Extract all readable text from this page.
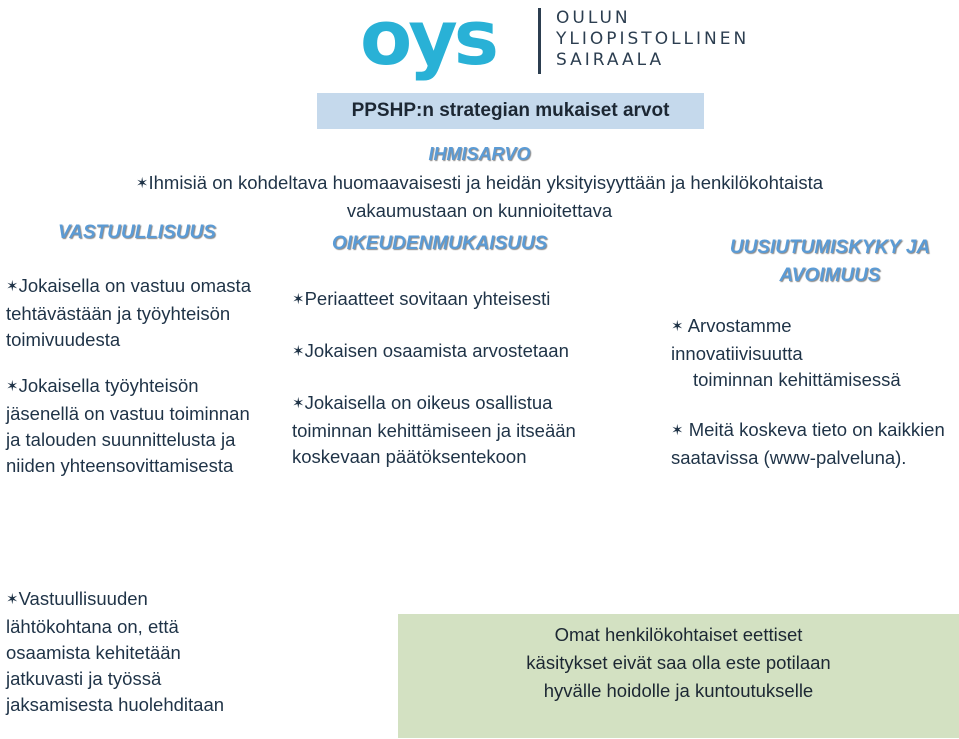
oys	OULUN
YLIOPISTOLLINEN
SAIRAALA
PPSHP:n strategian mukaiset arvot
IHMISARVO
✶Ihmisiä on kohdeltava huomaavaisesti ja heidän yksityisyyttään ja henkilökohtaista
vakaumustaan on kunnioitettava
VASTUULLISUUS

✶Jokaisella on vastuu omasta tehtävästään ja työyhteisön toimivuudesta

✶Jokaisella työyhteisön jäsenellä on vastuu toiminnan ja talouden suunnittelusta ja niiden yhteensovittamisesta

✶Vastuullisuuden lähtökohtana on, että osaamista kehitetään jatkuvasti ja työssä jaksamisesta huolehditaan

OIKEUDENMUKAISUUS

✶Periaatteet sovitaan yhteisesti

✶Jokaisen osaamista arvostetaan

✶Jokaisella on oikeus osallistua toiminnan kehittämiseen ja itseään koskevaan päätöksentekoon

UUSIUTUMISKYKY JA
AVOIMUUS

✶ Arvostamme
innovatiivisuutta
toiminnan kehittämisessä

✶ Meitä koskeva tieto on kaikkien saatavissa (www-palveluna).

Omat henkilökohtaiset eettiset
käsitykset eivät saa olla este potilaan
hyvälle hoidolle ja kuntoutukselle
